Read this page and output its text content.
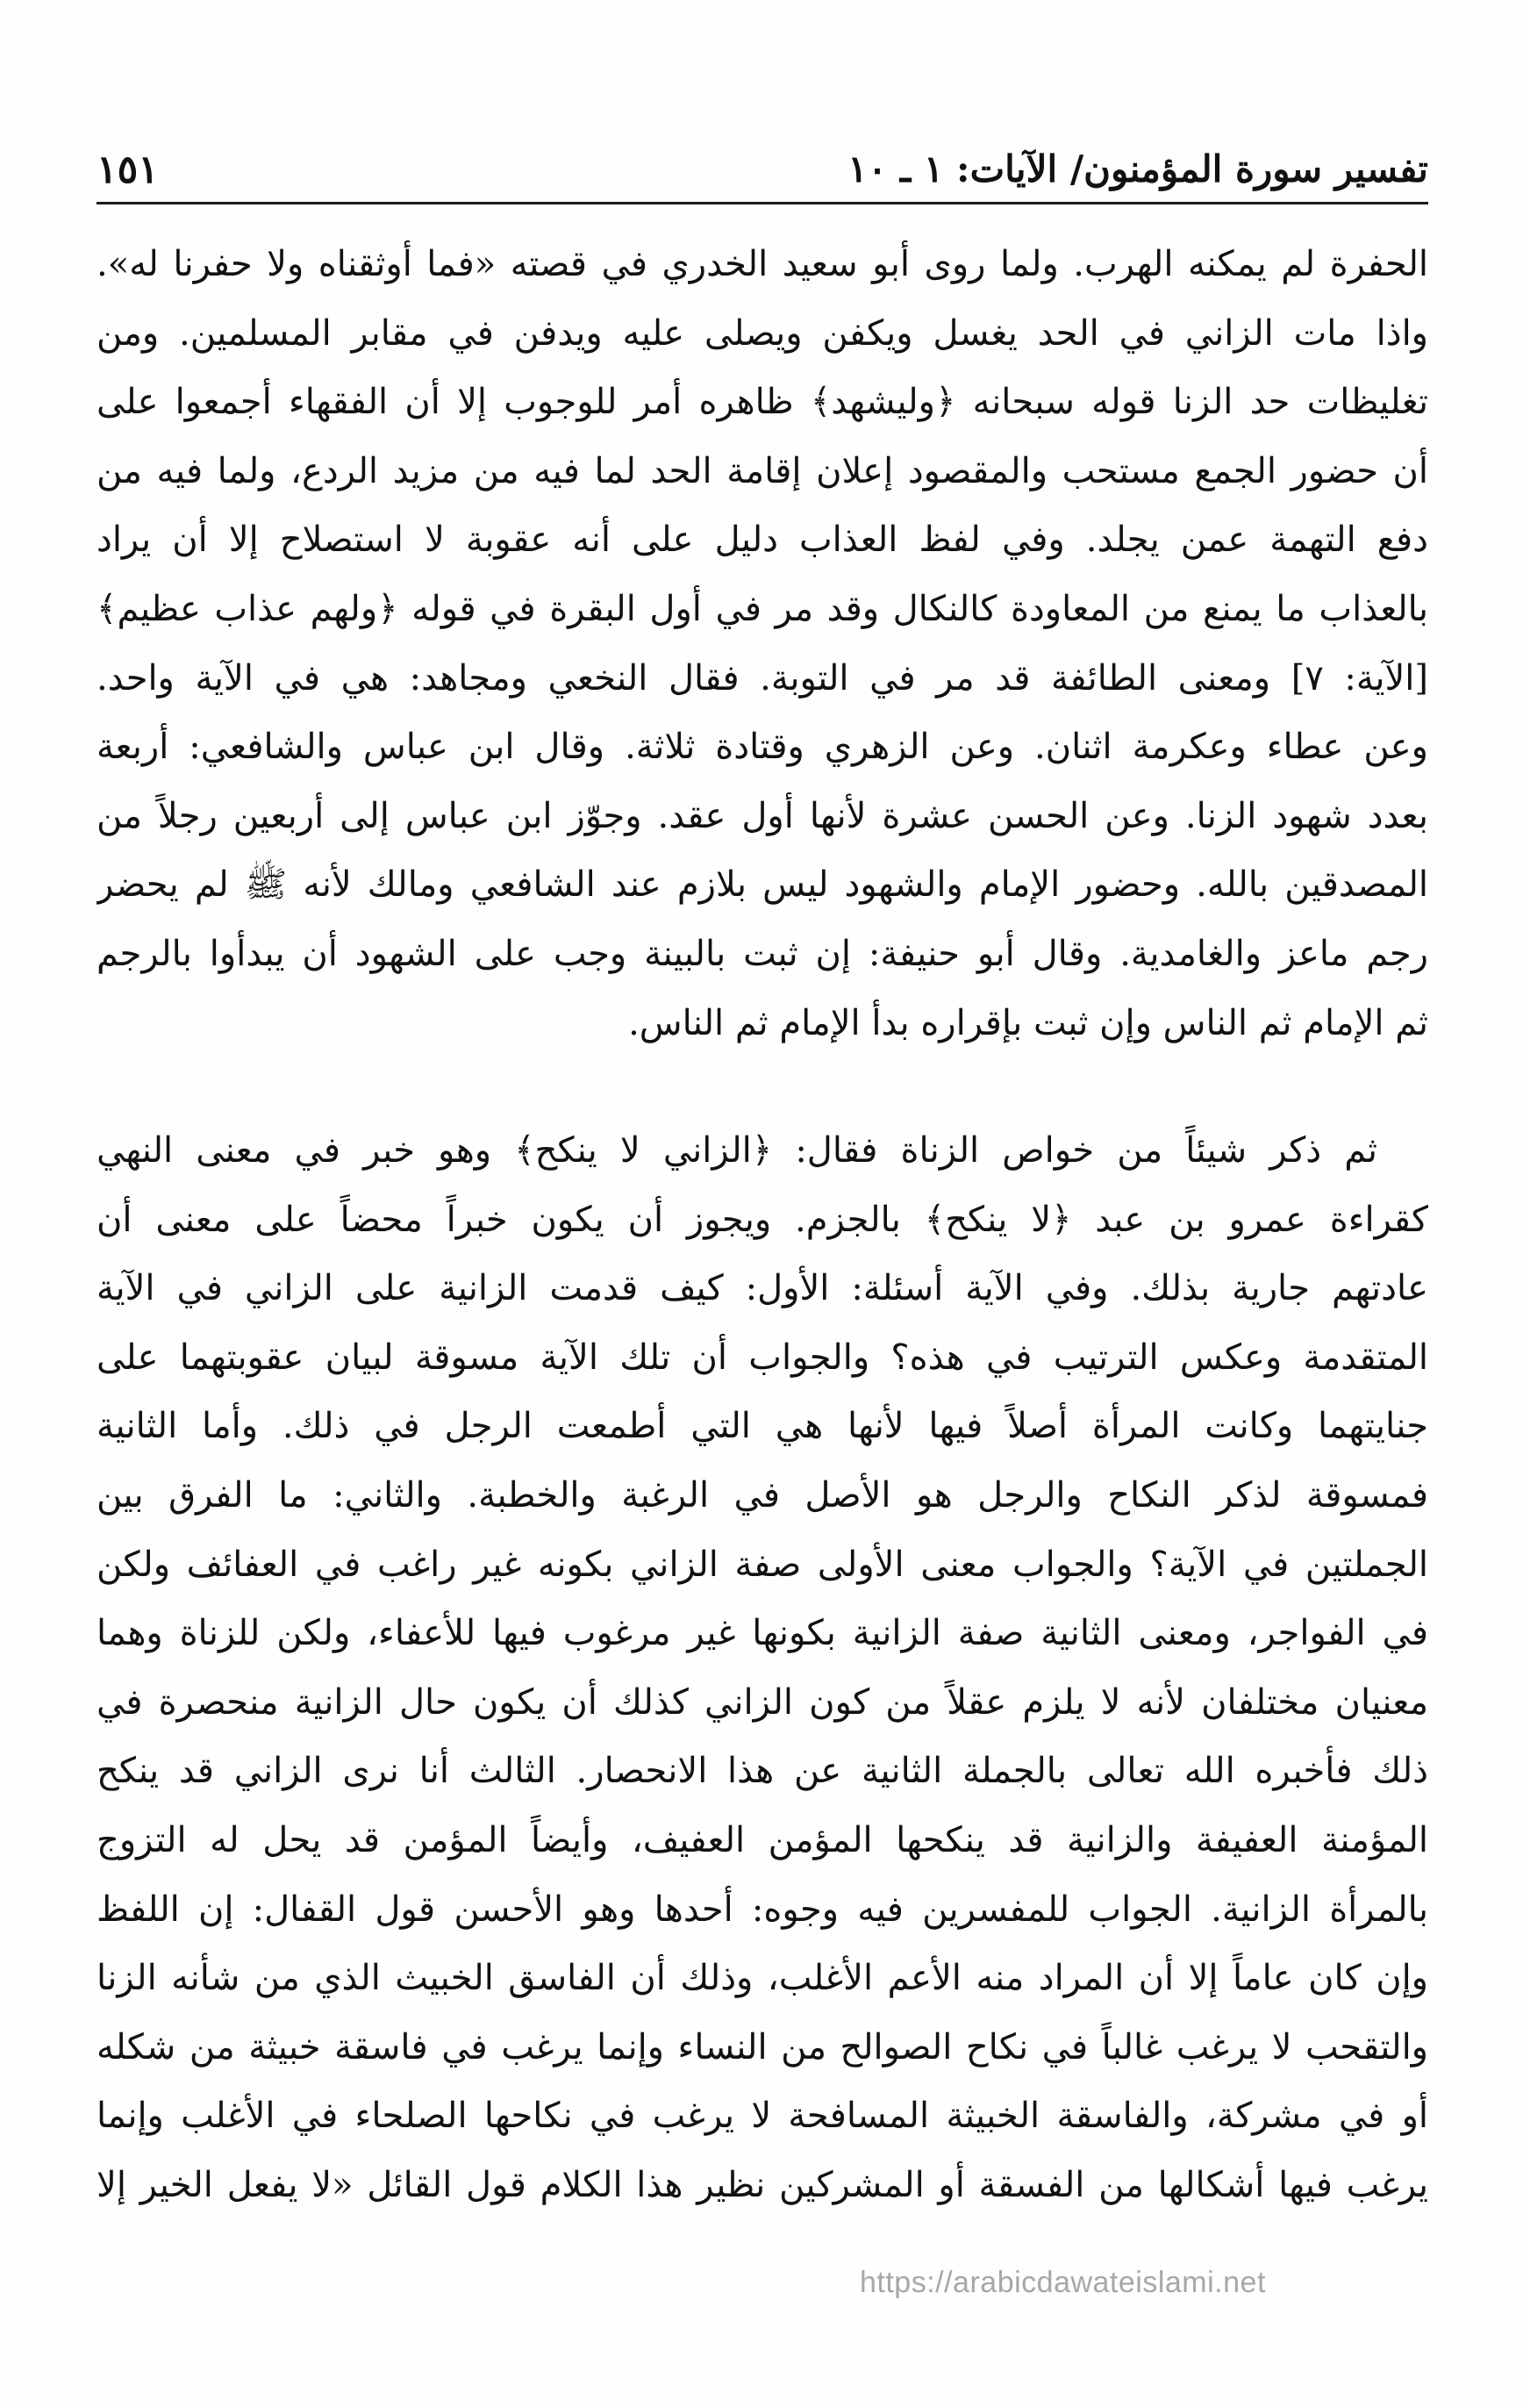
تفسير سورة المؤمنون/ الآيات: ١ ـ ١٠
١٥١
الحفرة لم يمكنه الهرب. ولما روى أبو سعيد الخدري في قصته «فما أوثقناه ولا حفرنا له».
واذا مات الزاني في الحد يغسل ويكفن ويصلى عليه ويدفن في مقابر المسلمين. ومن
تغليظات حد الزنا قوله سبحانه ﴿وليشهد﴾ ظاهره أمر للوجوب إلا أن الفقهاء أجمعوا على
أن حضور الجمع مستحب والمقصود إعلان إقامة الحد لما فيه من مزيد الردع، ولما فيه من
دفع التهمة عمن يجلد. وفي لفظ العذاب دليل على أنه عقوبة لا استصلاح إلا أن يراد
بالعذاب ما يمنع من المعاودة كالنكال وقد مر في أول البقرة في قوله ﴿ولهم عذاب عظيم﴾
[الآية: ٧] ومعنى الطائفة قد مر في التوبة. فقال النخعي ومجاهد: هي في الآية واحد.
وعن عطاء وعكرمة اثنان. وعن الزهري وقتادة ثلاثة. وقال ابن عباس والشافعي: أربعة
بعدد شهود الزنا. وعن الحسن عشرة لأنها أول عقد. وجوّز ابن عباس إلى أربعين رجلاً من
المصدقين بالله. وحضور الإمام والشهود ليس بلازم عند الشافعي ومالك لأنه ﷺ لم يحضر
رجم ماعز والغامدية. وقال أبو حنيفة: إن ثبت بالبينة وجب على الشهود أن يبدأوا بالرجم
ثم الإمام ثم الناس وإن ثبت بإقراره بدأ الإمام ثم الناس.
ثم ذكر شيئاً من خواص الزناة فقال: ﴿الزاني لا ينكح﴾ وهو خبر في معنى النهي
كقراءة عمرو بن عبد ﴿لا ينكح﴾ بالجزم. ويجوز أن يكون خبراً محضاً على معنى أن
عادتهم جارية بذلك. وفي الآية أسئلة: الأول: كيف قدمت الزانية على الزاني في الآية
المتقدمة وعكس الترتيب في هذه؟ والجواب أن تلك الآية مسوقة لبيان عقوبتهما على
جنايتهما وكانت المرأة أصلاً فيها لأنها هي التي أطمعت الرجل في ذلك. وأما الثانية
فمسوقة لذكر النكاح والرجل هو الأصل في الرغبة والخطبة. والثاني: ما الفرق بين
الجملتين في الآية؟ والجواب معنى الأولى صفة الزاني بكونه غير راغب في العفائف ولكن
في الفواجر، ومعنى الثانية صفة الزانية بكونها غير مرغوب فيها للأعفاء، ولكن للزناة وهما
معنيان مختلفان لأنه لا يلزم عقلاً من كون الزاني كذلك أن يكون حال الزانية منحصرة في
ذلك فأخبره الله تعالى بالجملة الثانية عن هذا الانحصار. الثالث أنا نرى الزاني قد ينكح
المؤمنة العفيفة والزانية قد ينكحها المؤمن العفيف، وأيضاً المؤمن قد يحل له التزوج
بالمرأة الزانية. الجواب للمفسرين فيه وجوه: أحدها وهو الأحسن قول القفال: إن اللفظ
وإن كان عاماً إلا أن المراد منه الأعم الأغلب، وذلك أن الفاسق الخبيث الذي من شأنه الزنا
والتقحب لا يرغب غالباً في نكاح الصوالح من النساء وإنما يرغب في فاسقة خبيثة من شكله
أو في مشركة، والفاسقة الخبيثة المسافحة لا يرغب في نكاحها الصلحاء في الأغلب وإنما
يرغب فيها أشكالها من الفسقة أو المشركين نظير هذا الكلام قول القائل «لا يفعل الخير إلا
https://arabicdawateislami.net
